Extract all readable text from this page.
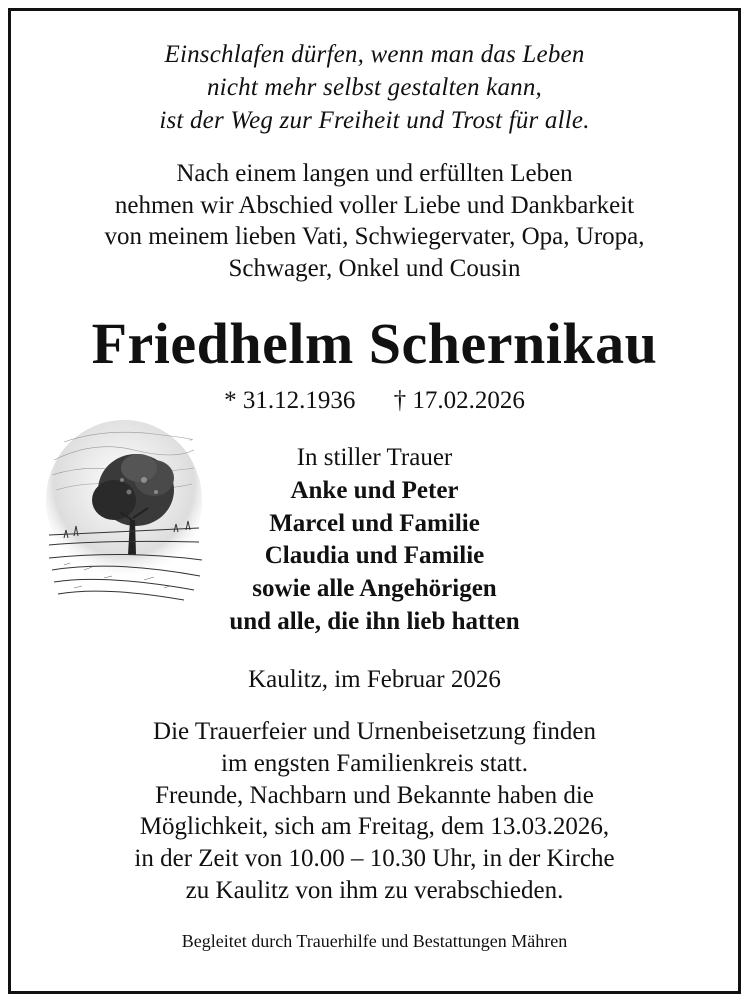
Einschlafen dürfen, wenn man das Leben
nicht mehr selbst gestalten kann,
ist der Weg zur Freiheit und Trost für alle.
Nach einem langen und erfüllten Leben
nehmen wir Abschied voller Liebe und Dankbarkeit
von meinem lieben Vati, Schwiegervater, Opa, Uropa,
Schwager, Onkel und Cousin
Friedhelm Schernikau
* 31.12.1936 † 17.02.2026
In stiller Trauer
Anke und Peter
Marcel und Familie
Claudia und Familie
sowie alle Angehörigen
und alle, die ihn lieb hatten
Kaulitz, im Februar 2026
Die Trauerfeier und Urnenbeisetzung finden
im engsten Familienkreis statt.
Freunde, Nachbarn und Bekannte haben die
Möglichkeit, sich am Freitag, dem 13.03.2026,
in der Zeit von 10.00 – 10.30 Uhr, in der Kirche
zu Kaulitz von ihm zu verabschieden.
Begleitet durch Trauerhilfe und Bestattungen Mähren
